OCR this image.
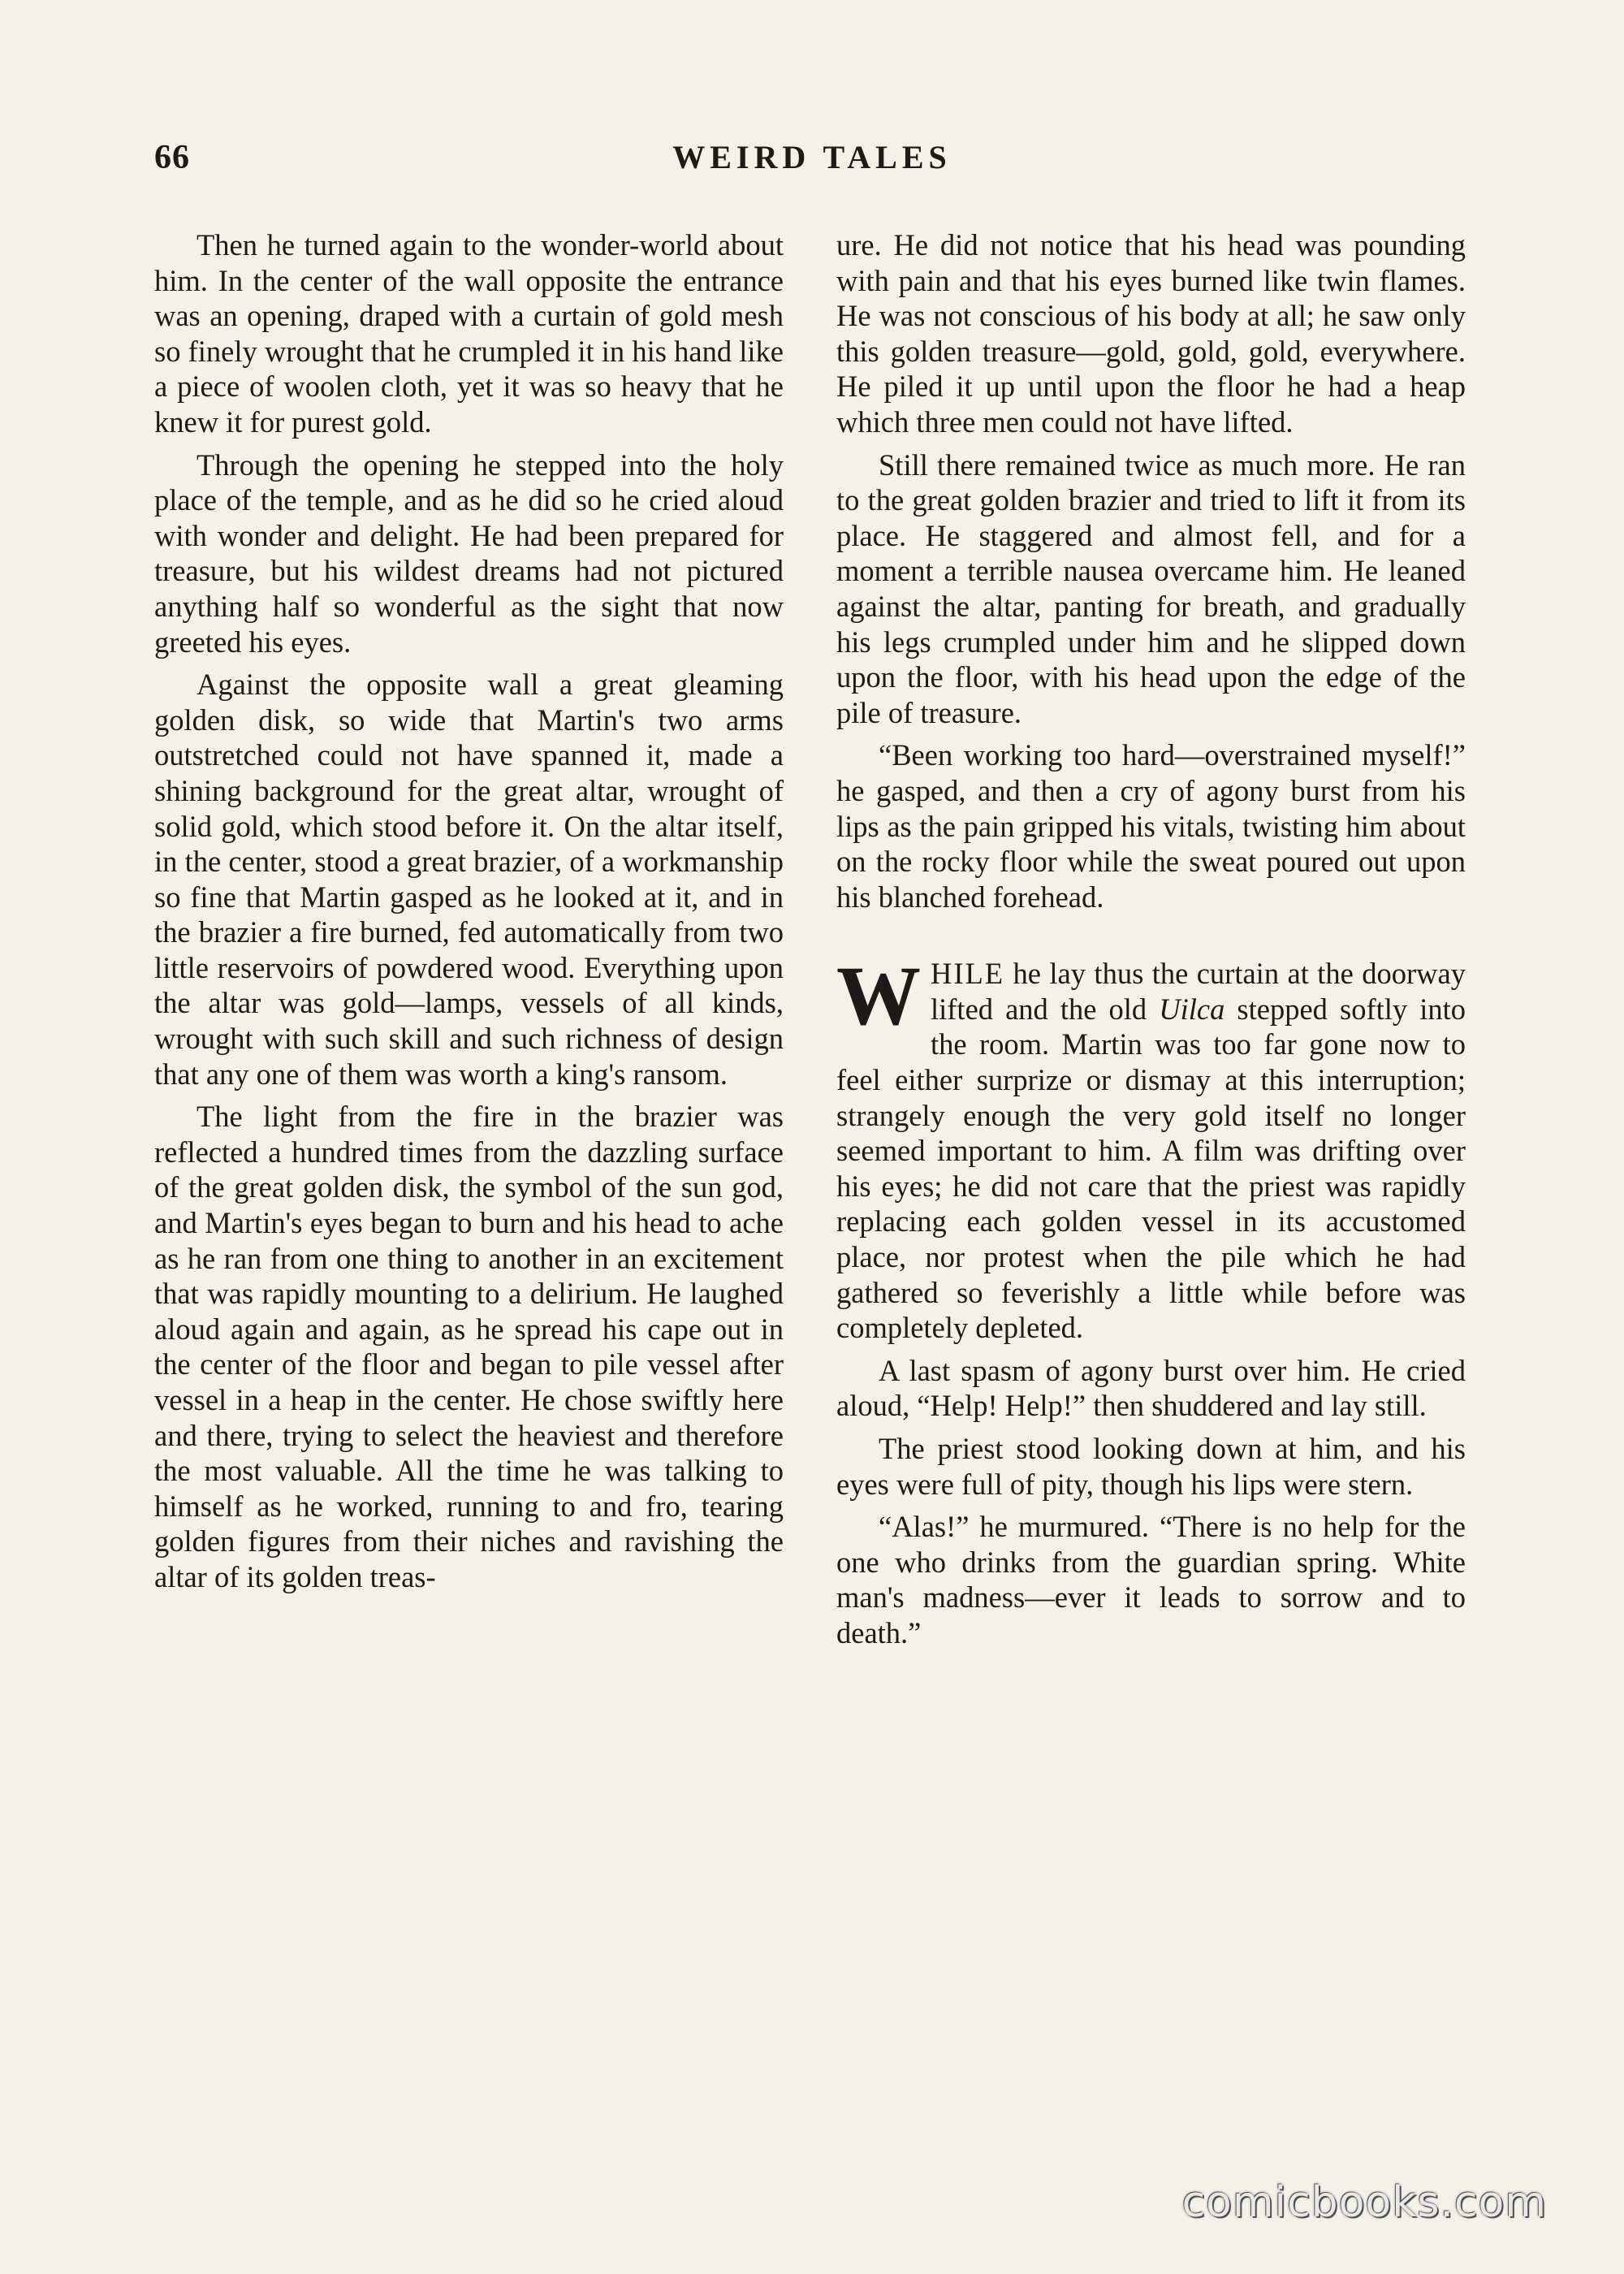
66	WEIRD TALES

Then he turned again to the wonder-world about him. In the center of the wall opposite the entrance was an opening, draped with a curtain of gold mesh so finely wrought that he crumpled it in his hand like a piece of woolen cloth, yet it was so heavy that he knew it for purest gold.

Through the opening he stepped into the holy place of the temple, and as he did so he cried aloud with wonder and delight. He had been prepared for treasure, but his wildest dreams had not pictured anything half so wonderful as the sight that now greeted his eyes.

Against the opposite wall a great gleaming golden disk, so wide that Martin's two arms outstretched could not have spanned it, made a shining background for the great altar, wrought of solid gold, which stood before it. On the altar itself, in the center, stood a great brazier, of a workmanship so fine that Martin gasped as he looked at it, and in the brazier a fire burned, fed automatically from two little reservoirs of powdered wood. Everything upon the altar was gold—lamps, vessels of all kinds, wrought with such skill and such richness of design that any one of them was worth a king's ransom.

The light from the fire in the brazier was reflected a hundred times from the dazzling surface of the great golden disk, the symbol of the sun god, and Martin's eyes began to burn and his head to ache as he ran from one thing to another in an excitement that was rapidly mounting to a delirium. He laughed aloud again and again, as he spread his cape out in the center of the floor and began to pile vessel after vessel in a heap in the center. He chose swiftly here and there, trying to select the heaviest and therefore the most valuable. All the time he was talking to himself as he worked, running to and fro, tearing golden figures from their niches and ravishing the altar of its golden treas-

ure. He did not notice that his head was pounding with pain and that his eyes burned like twin flames. He was not conscious of his body at all; he saw only this golden treasure—gold, gold, gold, everywhere. He piled it up until upon the floor he had a heap which three men could not have lifted.

Still there remained twice as much more. He ran to the great golden brazier and tried to lift it from its place. He staggered and almost fell, and for a moment a terrible nausea overcame him. He leaned against the altar, panting for breath, and gradually his legs crumpled under him and he slipped down upon the floor, with his head upon the edge of the pile of treasure.

“Been working too hard—overstrained myself!” he gasped, and then a cry of agony burst from his lips as the pain gripped his vitals, twisting him about on the rocky floor while the sweat poured out upon his blanched forehead.

WHILE he lay thus the curtain at the doorway lifted and the old Uilca stepped softly into the room. Martin was too far gone now to feel either surprize or dismay at this interruption; strangely enough the very gold itself no longer seemed important to him. A film was drifting over his eyes; he did not care that the priest was rapidly replacing each golden vessel in its accustomed place, nor protest when the pile which he had gathered so feverishly a little while before was completely depleted.

A last spasm of agony burst over him. He cried aloud, “Help! Help!” then shuddered and lay still.

The priest stood looking down at him, and his eyes were full of pity, though his lips were stern.

“Alas!” he murmured. “There is no help for the one who drinks from the guardian spring. White man's madness—ever it leads to sorrow and to death.”

comicbooks.com
